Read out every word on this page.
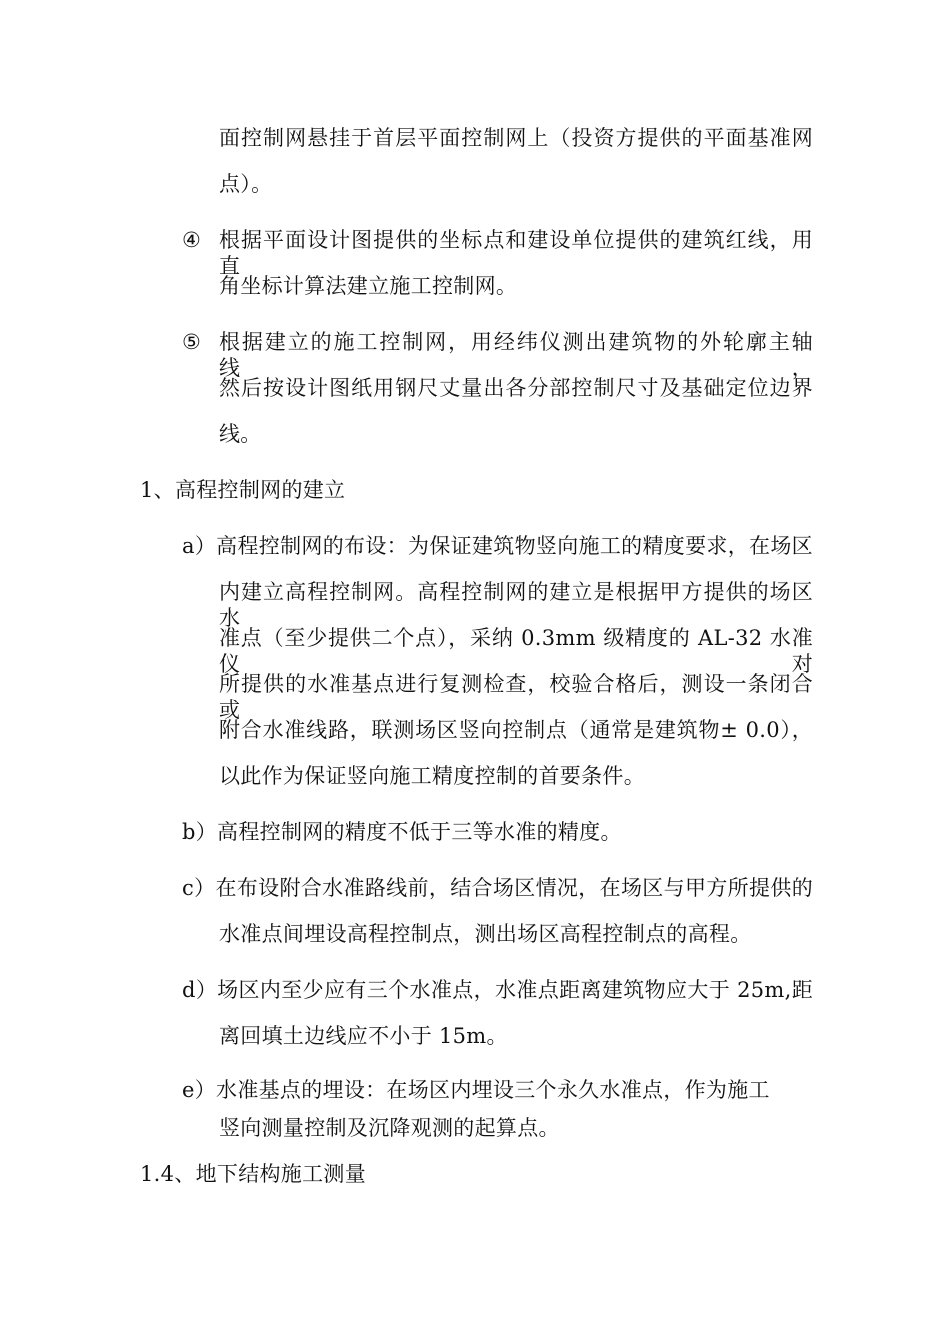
面控制网悬挂于首层平面控制网上（投资方提供的平面基准网
点）。
④ 根据平面设计图提供的坐标点和建设单位提供的建筑红线，用直
角坐标计算法建立施工控制网。
⑤ 根据建立的施工控制网，用经纬仪测出建筑物的外轮廓主轴线，
然后按设计图纸用钢尺丈量出各分部控制尺寸及基础定位边界
线。
1、高程控制网的建立
a）高程控制网的布设：为保证建筑物竖向施工的精度要求，在场区
内建立高程控制网。高程控制网的建立是根据甲方提供的场区水
准点（至少提供二个点），采纳 0.3mm 级精度的 AL-32 水准仪对
所提供的水准基点进行复测检查，校验合格后，测设一条闭合或
附合水准线路，联测场区竖向控制点（通常是建筑物± 0.0），
以此作为保证竖向施工精度控制的首要条件。
b）高程控制网的精度不低于三等水准的精度。
c）在布设附合水准路线前，结合场区情况，在场区与甲方所提供的
水准点间埋设高程控制点，测出场区高程控制点的高程。
d）场区内至少应有三个水准点，水准点距离建筑物应大于 25m,距
离回填土边线应不小于 15m。
e）水准基点的埋设：在场区内埋设三个永久水准点，作为施工
竖向测量控制及沉降观测的起算点。
1.4、地下结构施工测量
